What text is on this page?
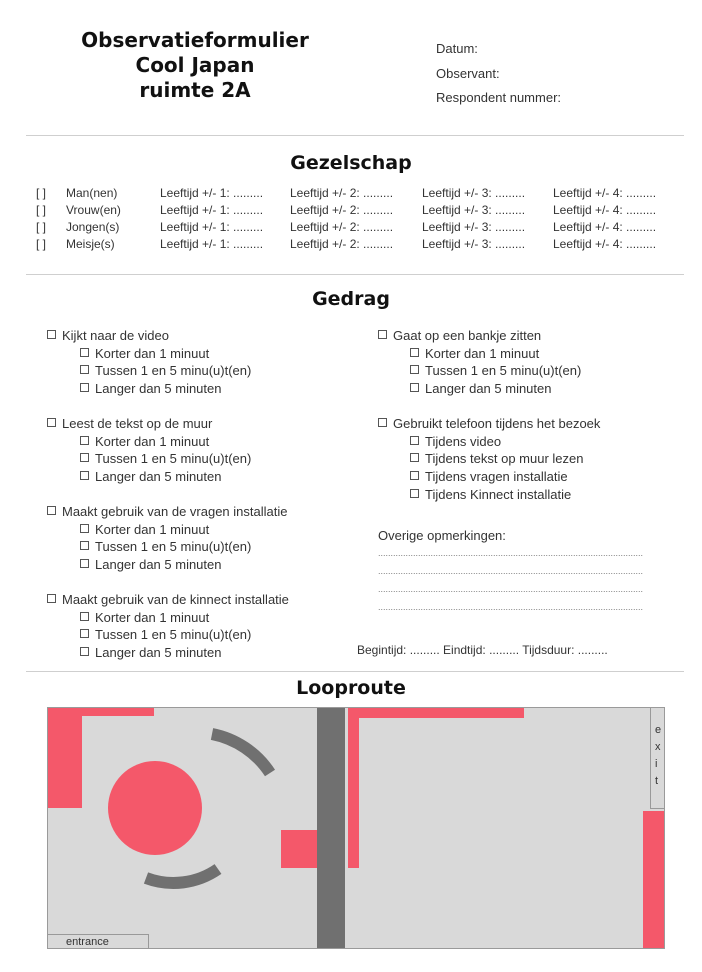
Observatieformulier
Cool Japan
ruimte 2A
Datum:
Observant:
Respondent nummer:
Gezelschap
[ ] Man(nen)	Leeftijd +/- 1: ......... Leeftijd +/- 2: ......... Leeftijd +/- 3: ......... Leeftijd +/- 4: .........
[ ] Vrouw(en)	Leeftijd +/- 1: ......... Leeftijd +/- 2: ......... Leeftijd +/- 3: ......... Leeftijd +/- 4: .........
[ ] Jongen(s)	Leeftijd +/- 1: ......... Leeftijd +/- 2: ......... Leeftijd +/- 3: ......... Leeftijd +/- 4: .........
[ ] Meisje(s)	Leeftijd +/- 1: ......... Leeftijd +/- 2: ......... Leeftijd +/- 3: ......... Leeftijd +/- 4: .........
Gedrag
Kijkt naar de video
Korter dan 1 minuut
Tussen 1 en 5 minu(u)t(en)
Langer dan 5 minuten
Leest de tekst op de muur
Korter dan 1 minuut
Tussen 1 en 5 minu(u)t(en)
Langer dan 5 minuten
Maakt gebruik van de vragen installatie
Korter dan 1 minuut
Tussen 1 en 5 minu(u)t(en)
Langer dan 5 minuten
Maakt gebruik van de kinnect installatie
Korter dan 1 minuut
Tussen 1 en 5 minu(u)t(en)
Langer dan 5 minuten
Gaat op een bankje zitten
Korter dan 1 minuut
Tussen 1 en 5 minu(u)t(en)
Langer dan 5 minuten
Gebruikt telefoon tijdens het bezoek
Tijdens video
Tijdens tekst op muur lezen
Tijdens vragen installatie
Tijdens Kinnect installatie
Overige opmerkingen:
..........................................................................................................
..........................................................................................................
..........................................................................................................
..........................................................................................................
Begintijd: ......... Eindtijd: ......... Tijdsduur: .........
Looproute
e
x
i
t
entrance
